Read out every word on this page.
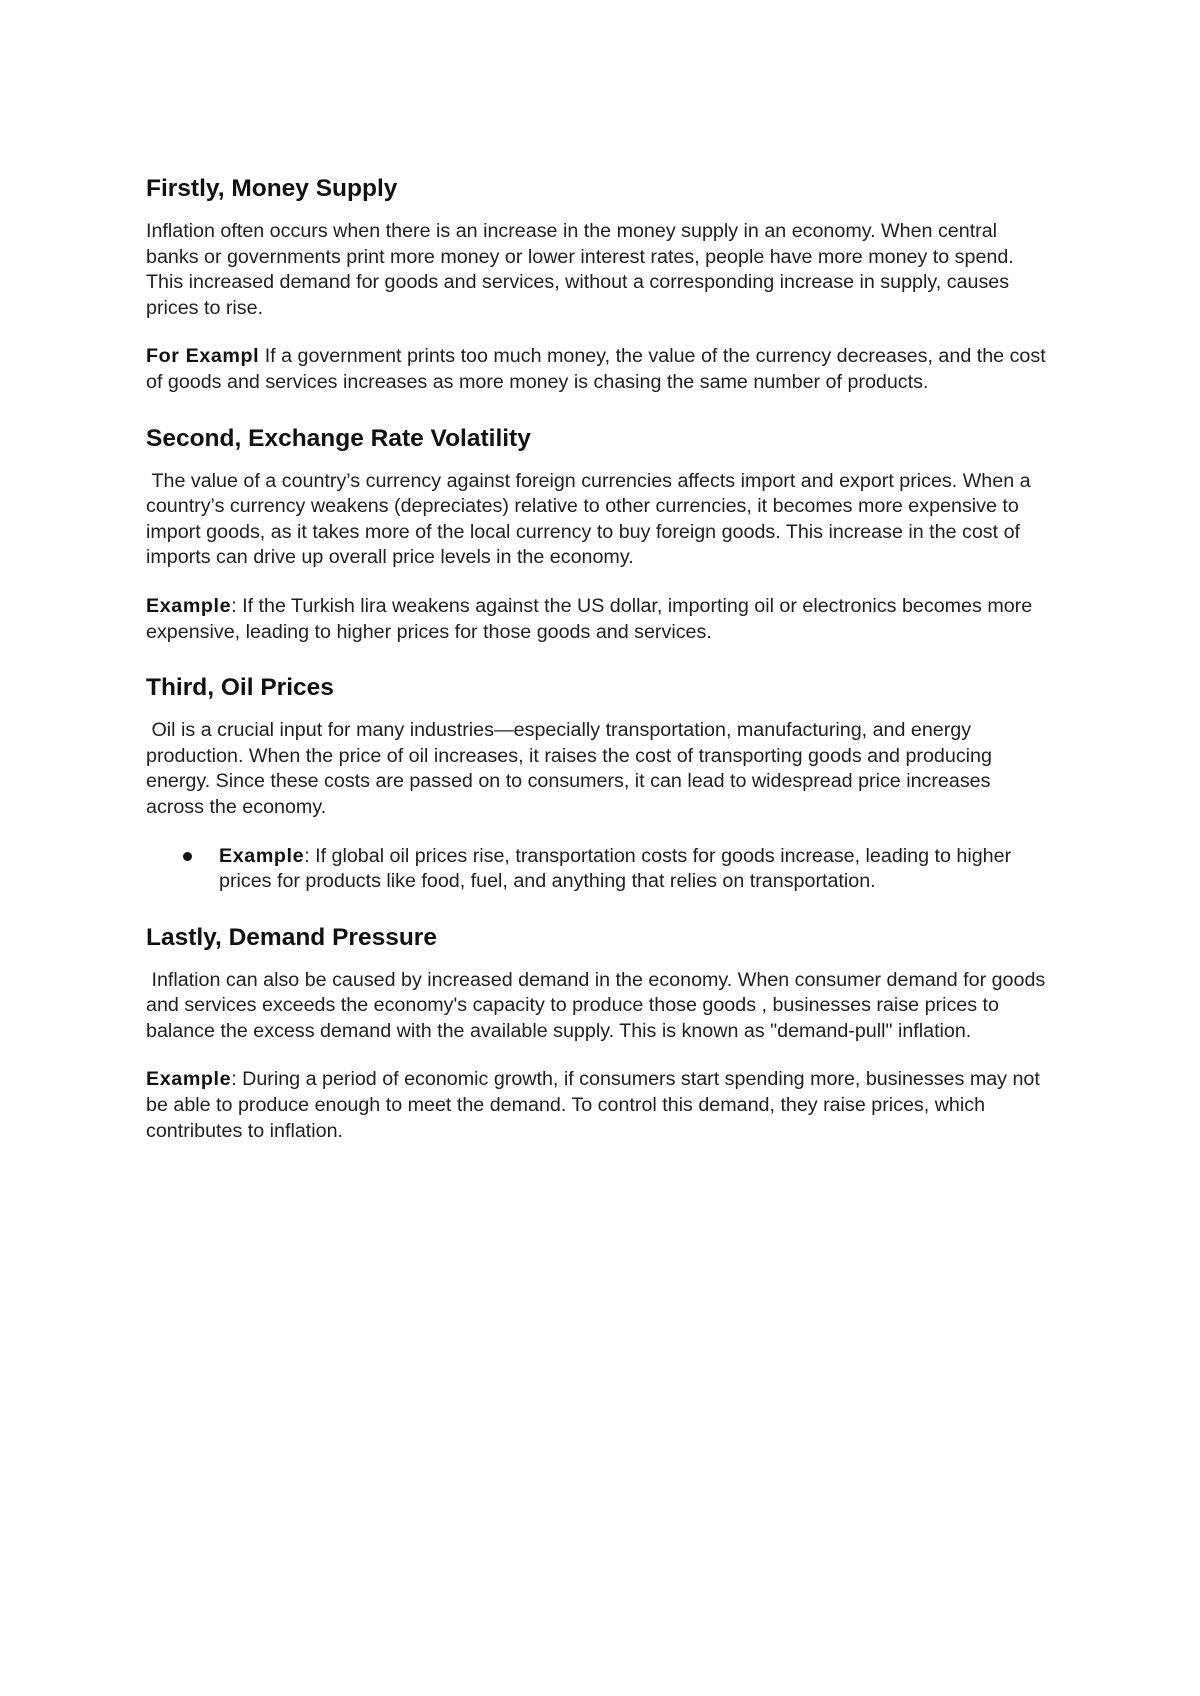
Firstly, Money Supply

Inflation often occurs when there is an increase in the money supply in an economy. When central banks or governments print more money or lower interest rates, people have more money to spend. This increased demand for goods and services, without a corresponding increase in supply, causes prices to rise.

For Exampl If a government prints too much money, the value of the currency decreases, and the cost of goods and services increases as more money is chasing the same number of products.

Second, Exchange Rate Volatility

The value of a country’s currency against foreign currencies affects import and export prices. When a country’s currency weakens (depreciates) relative to other currencies, it becomes more expensive to import goods, as it takes more of the local currency to buy foreign goods. This increase in the cost of imports can drive up overall price levels in the economy.

Example: If the Turkish lira weakens against the US dollar, importing oil or electronics becomes more expensive, leading to higher prices for those goods and services.

Third, Oil Prices

Oil is a crucial input for many industries—especially transportation, manufacturing, and energy production. When the price of oil increases, it raises the cost of transporting goods and producing energy. Since these costs are passed on to consumers, it can lead to widespread price increases across the economy.

Example: If global oil prices rise, transportation costs for goods increase, leading to higher prices for products like food, fuel, and anything that relies on transportation.
Lastly, Demand Pressure

Inflation can also be caused by increased demand in the economy. When consumer demand for goods and services exceeds the economy's capacity to produce those goods , businesses raise prices to balance the excess demand with the available supply. This is known as "demand-pull" inflation.

Example: During a period of economic growth, if consumers start spending more, businesses may not be able to produce enough to meet the demand. To control this demand, they raise prices, which contributes to inflation.
